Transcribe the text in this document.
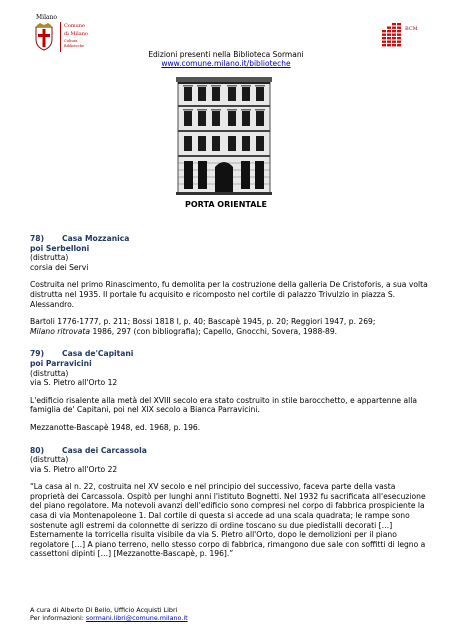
Milano
Comune
di Milano
Cultura
Biblioteche
BCM
Edizioni presenti nella Biblioteca Sormani
www.comune.milano.it/biblioteche
PORTA ORIENTALE

78) Casa Mozzanica

poi Serbelloni

(distrutta)

corsia dei Servi

Costruita nel primo Rinascimento, fu demolita per la costruzione della galleria De Cristoforis, a sua volta distrutta nel 1935. Il portale fu acquisito e ricomposto nel cortile di palazzo Trivulzio in piazza S. Alessandro.

Bartoli 1776-1777, p. 211; Bossi 1818 I, p. 40; Bascapè 1945, p. 20; Reggiori 1947, p. 269;

Milano ritrovata 1986, 297 (con bibliografia); Capello, Gnocchi, Sovera, 1988-89.

79) Casa de'Capitani

poi Parravicini

(distrutta)

via S. Pietro all'Orto 12

L'edificio risalente alla metà del XVIII secolo era stato costruito in stile barocchetto, e appartenne alla famiglia de' Capitani, poi nel XIX secolo a Bianca Parravicini.

Mezzanotte-Bascapè 1948, ed. 1968, p. 196.

80) Casa dei Carcassola

(distrutta)

via S. Pietro all'Orto 22

“La casa al n. 22, costruita nel XV secolo e nel principio del successivo, faceva parte della vasta proprietà dei Carcassola. Ospitò per lunghi anni l'istituto Bognetti. Nel 1932 fu sacrificata all'esecuzione del piano regolatore. Ma notevoli avanzi dell'edificio sono compresi nel corpo di fabbrica prospiciente la casa di via Montenapoleone 1. Dal cortile di questa si accede ad una scala quadrata; le rampe sono sostenute agli estremi da colonnette di serizzo di ordine toscano su due piedistalli decorati […] Esternamente la torricella risulta visibile da via S. Pietro all'Orto, dopo le demolizioni per il piano regolatore […] A piano terreno, nello stesso corpo di fabbrica, rimangono due sale con soffitti di legno a cassettoni dipinti […] [Mezzanotte-Bascapè, p. 196].”

A cura di Alberto Di Bello, Ufficio Acquisti Libri
Per informazioni: sormani.libri@comune.milano.it
